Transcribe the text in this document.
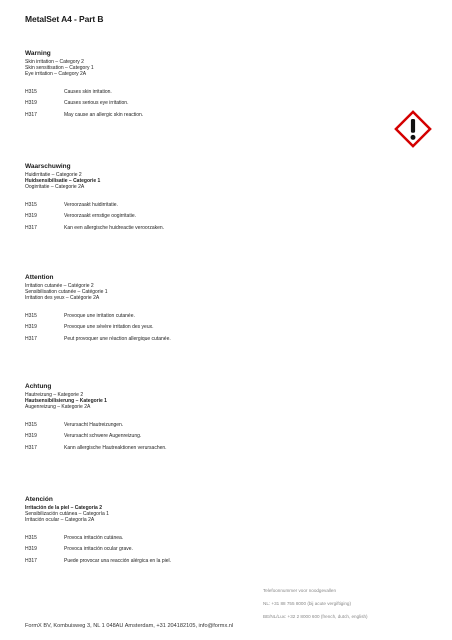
MetalSet A4 - Part B
Warning
Skin irritation – Category 2
Skin sensitisation – Category 1
Eye irritation – Category 2A
H315	Causes skin irritation.
H319	Causes serious eye irritation.
H317	May cause an allergic skin reaction.
Waarschuwing
Huidirritatie – Categorie 2
Huidsensibilisatie – Categorie 1
Oogirritatie – Categorie 2A
H315	Veroorzaakt huidirritatie.
H319	Veroorzaakt ernstige oogirritatie.
H317	Kan een allergische huidreactie veroorzaken.
Attention
Irritation cutanée – Catégorie 2
Sensibilisation cutanée – Catégorie 1
Irritation des yeux – Catégorie 2A
H315	Provoque une irritation cutanée.
H319	Provoque une sévère irritation des yeux.
H317	Peut provoquer une réaction allergique cutanée.
Achtung
Hautreizung – Kategorie 2
Hautsensibilisierung – Kategorie 1
Augenreizung – Kategorie 2A
H315	Verursacht Hautreizungen.
H319	Verursacht schwere Augenreizung.
H317	Kann allergische Hautreaktionen verursachen.
Atención
Irritación de la piel – Categoría 2
Sensibilización cutánea – Categoría 1
Irritación ocular – Categoría 2A
H315	Provoca irritación cutánea.
H319	Provoca irritación ocular grave.
H317	Puede provocar una reacción alérgica en la piel.
Telefoonnummer voor noodgevallen
NL: +31 88 755 8000 (bij acute vergiftiging)
BE/NL/Lux: +32 2 8000 600 (french, dutch, english)
FormX BV, Kombuisweg 3, NL 1 048AU Amsterdam, +31 204182105, info@formx.nl
